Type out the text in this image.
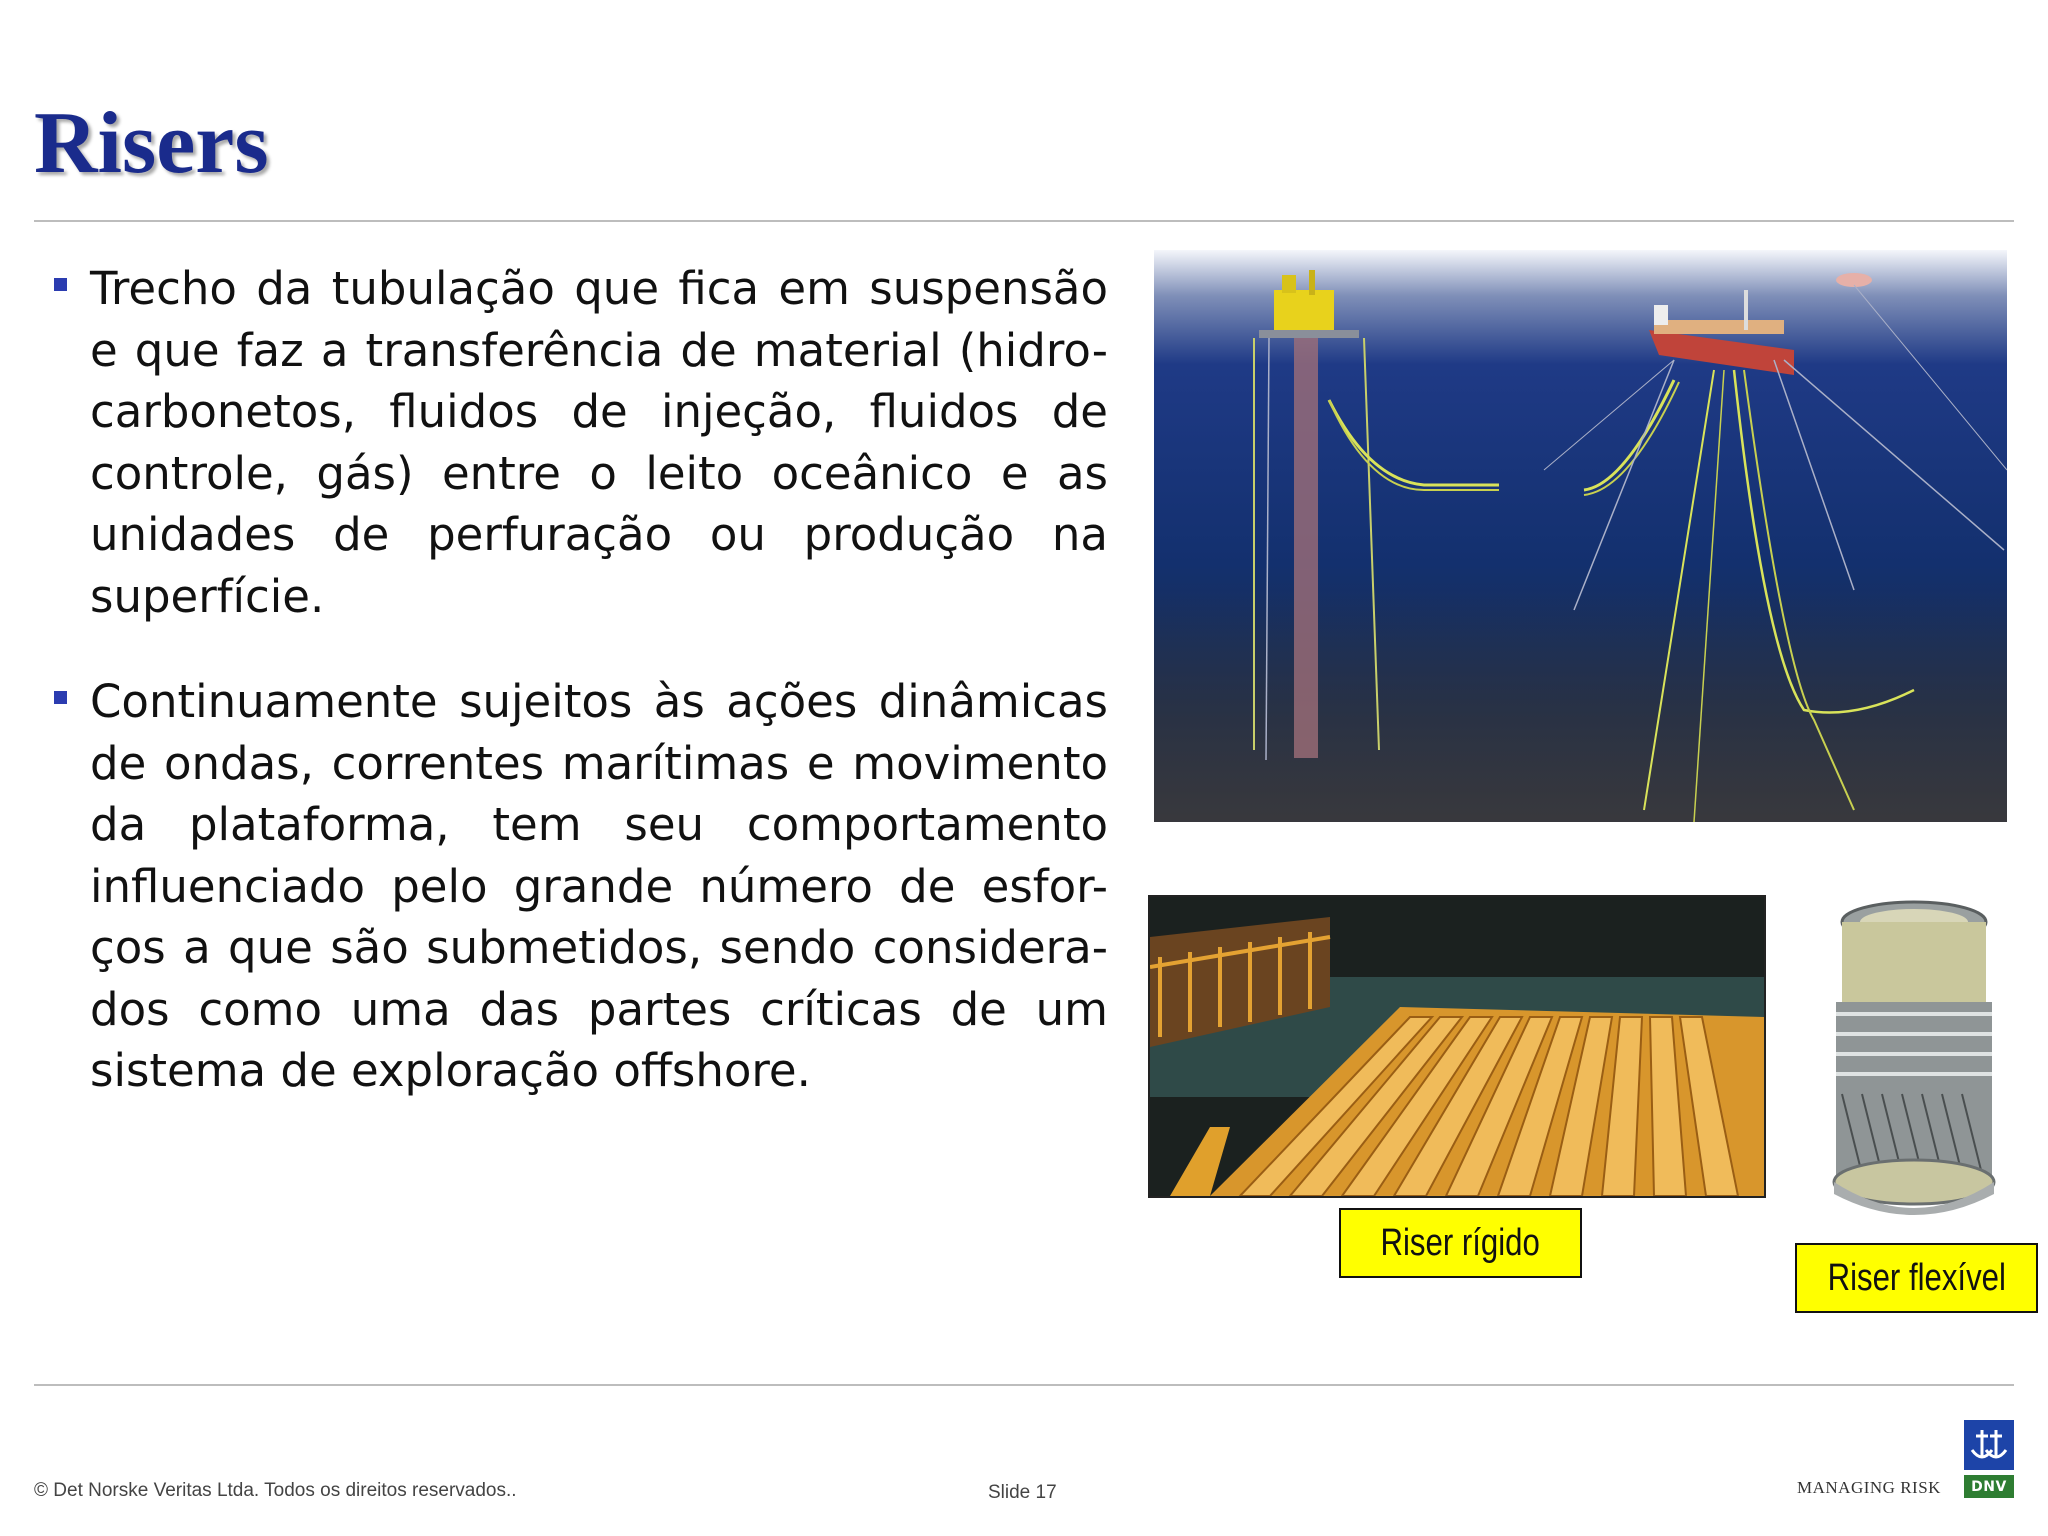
Risers
Trecho da tubulação que fica em suspensão e que faz a transferência de material (hidro-carbonetos, fluidos de injeção, fluidos de controle, gás) entre o leito oceânico e as unidades de perfuração ou produção na superfície.
Continuamente sujeitos às ações dinâmicas de ondas, correntes marítimas e movimento da plataforma, tem seu comportamento influenciado pelo grande número de esfor-ços a que são submetidos, sendo considera-dos como uma das partes críticas de um sistema de exploração offshore.
Riser rígido
Riser flexível
© Det Norske Veritas Ltda. Todos os direitos reservados..	Slide 17	MANAGING RISK	DNV
